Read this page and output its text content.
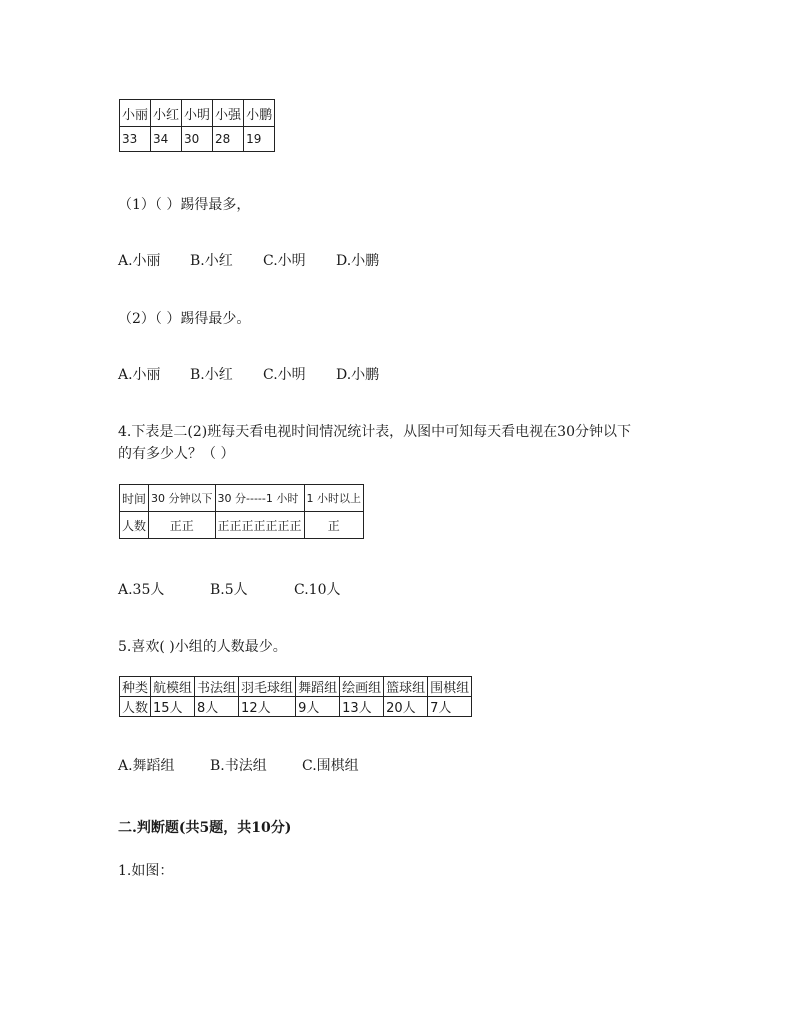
小丽	小红	小明	小强	小鹏
33	34	30	28	19
（1）（ ）踢得最多，
A.小丽 B.小红 C.小明 D.小鹏
（2）（ ）踢得最少。
A.小丽 B.小红 C.小明 D.小鹏
4.下表是二(2)班每天看电视时间情况统计表，从图中可知每天看电视在30分钟以下
的有多少人？（ ）
时间	30 分钟以下	30 分-----1 小时	1 小时以上
人数	正正	正正正正正正正	正
A.35人	B.5人	C.10人
5.喜欢( )小组的人数最少。
种类	航模组	书法组	羽毛球组	舞蹈组	绘画组	篮球组	围棋组
人数	15人	8人	12人	9人	13人	20人	7人
A.舞蹈组	B.书法组	C.围棋组
二.判断题(共5题，共10分)
1.如图：
